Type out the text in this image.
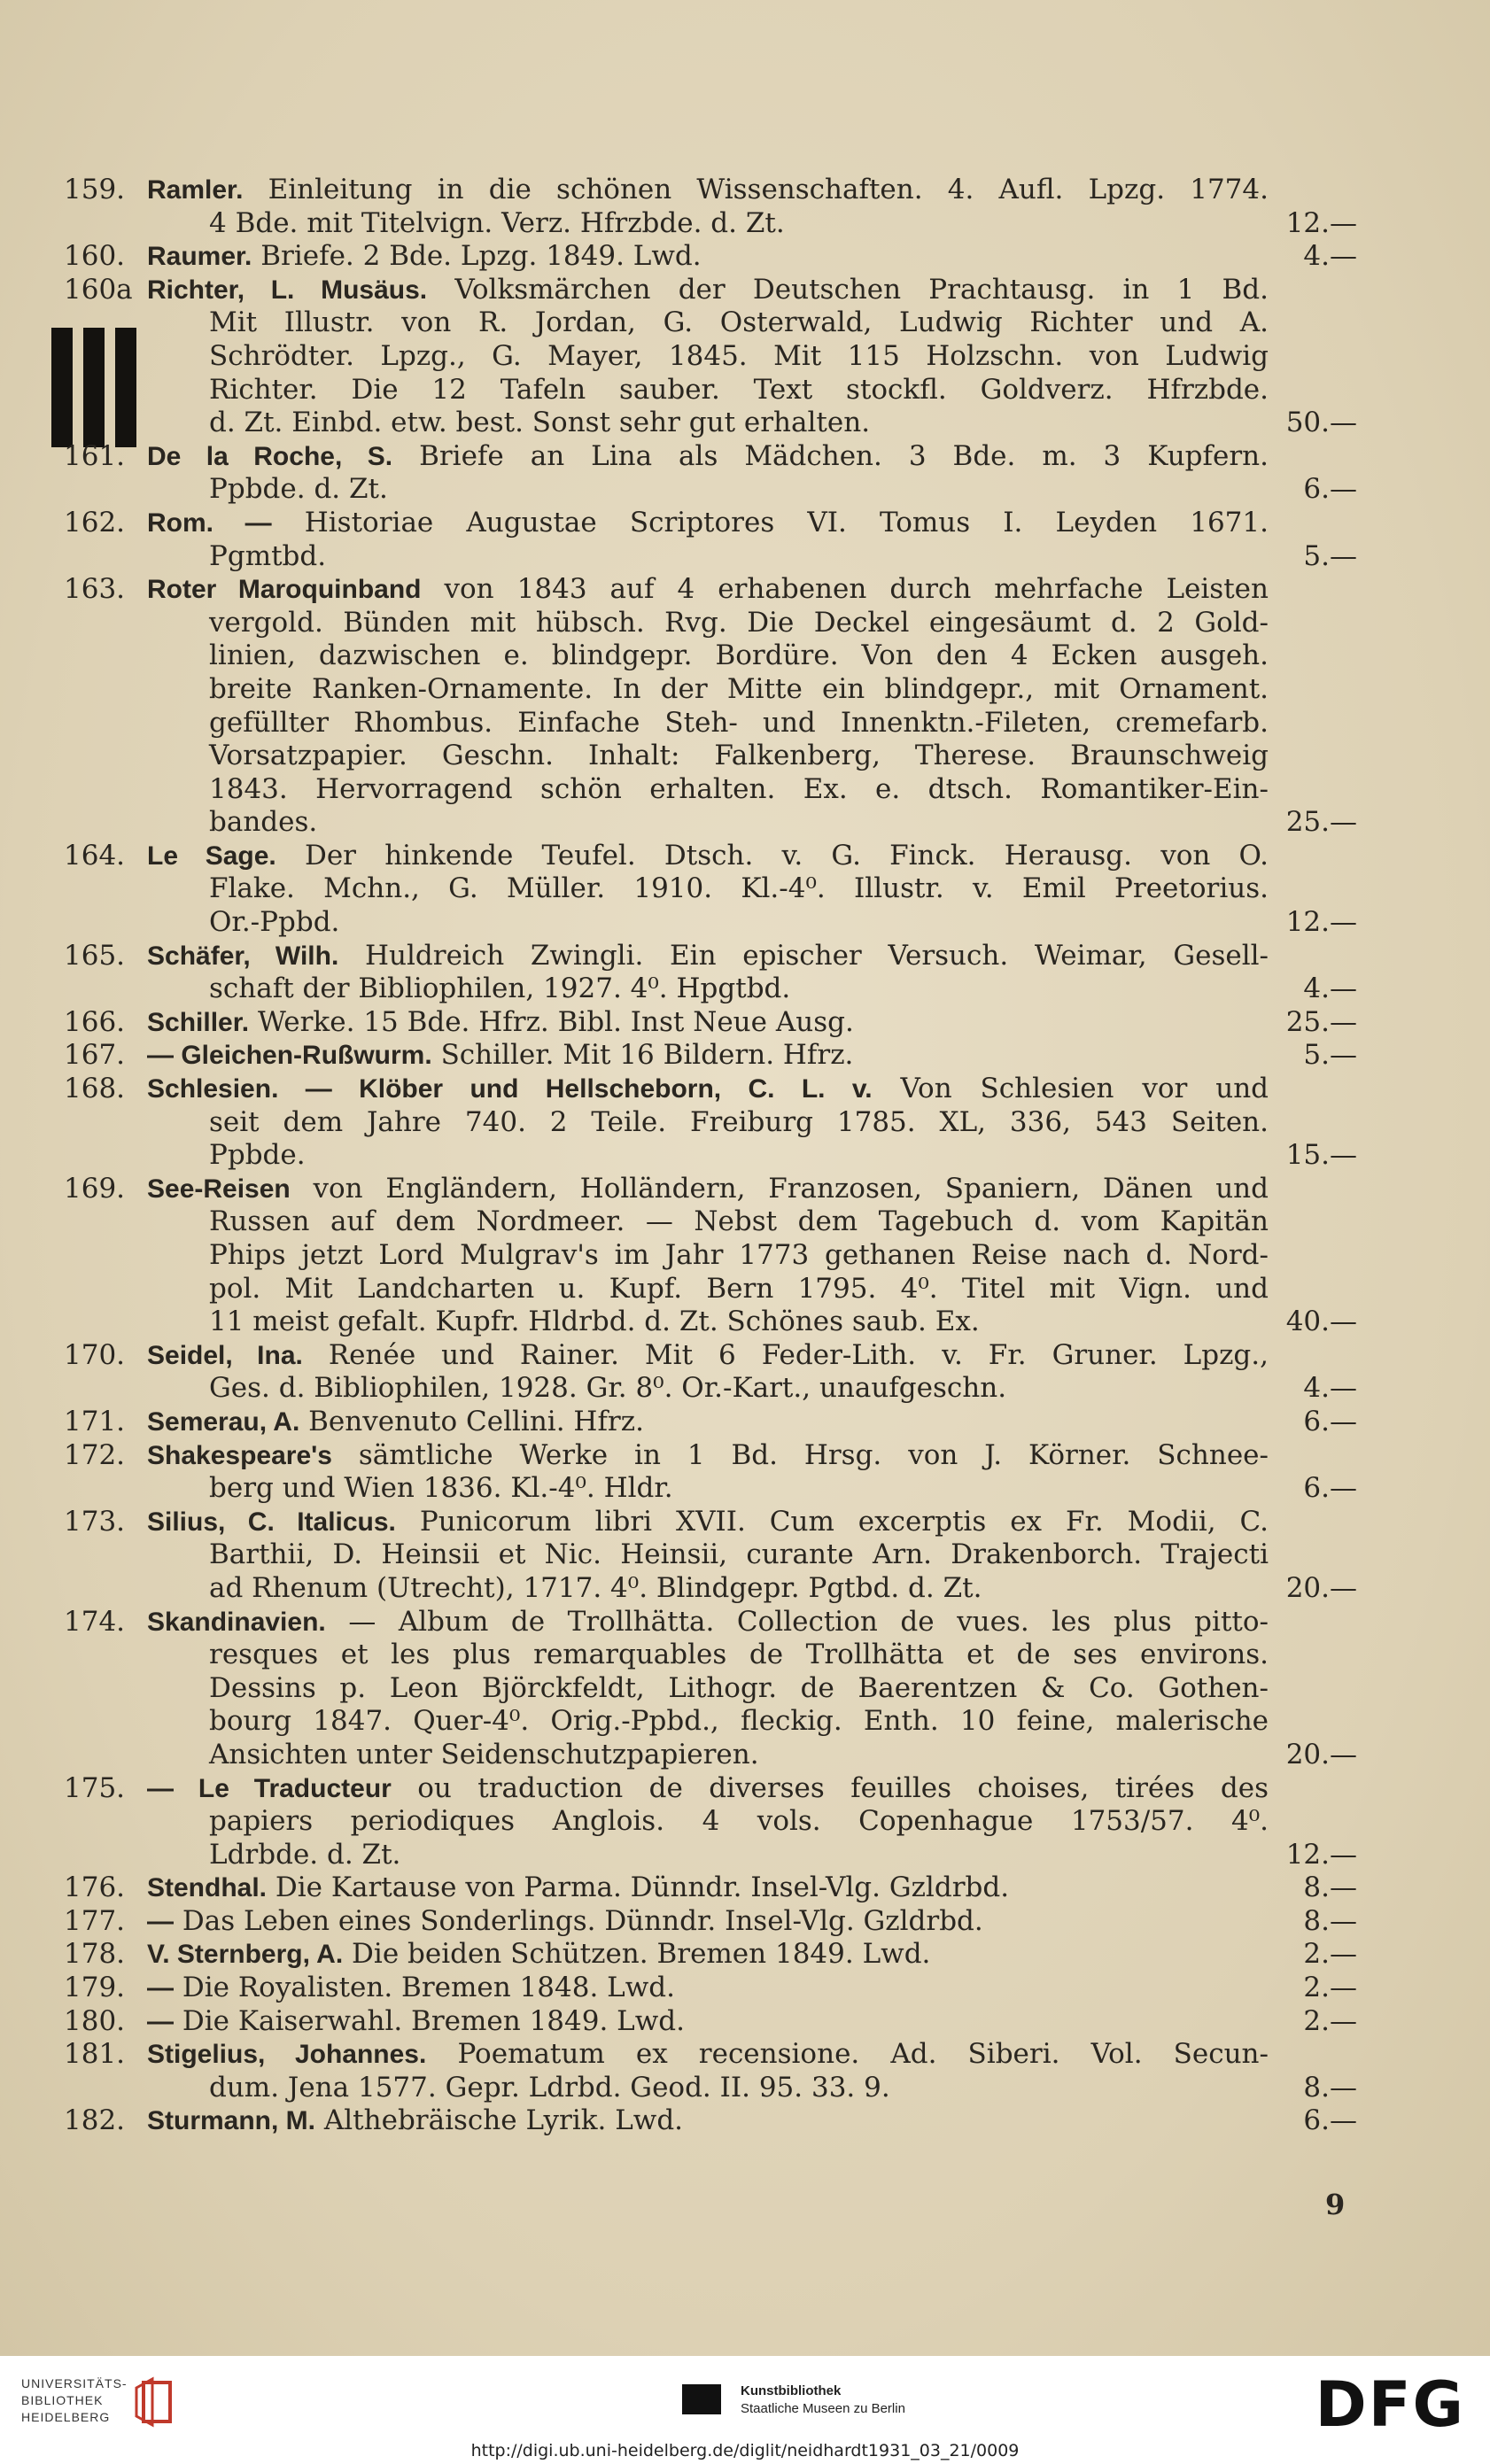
159. Ramler. Einleitung in die schönen Wissenschaften. 4. Aufl. Lpzg. 1774.
4 Bde. mit Titelvign. Verz. Hfrzbde. d. Zt.	12.—
160. Raumer. Briefe. 2 Bde. Lpzg. 1849. Lwd.	4.—
160a Richter, L. Musäus. Volksmärchen der Deutschen Prachtausg. in 1 Bd.
Mit Illustr. von R. Jordan, G. Osterwald, Ludwig Richter und A.
Schrödter. Lpzg., G. Mayer, 1845. Mit 115 Holzschn. von Ludwig
Richter. Die 12 Tafeln sauber. Text stockfl. Goldverz. Hfrzbde.
d. Zt. Einbd. etw. best. Sonst sehr gut erhalten.	50.—
161. De la Roche, S. Briefe an Lina als Mädchen. 3 Bde. m. 3 Kupfern.
Ppbde. d. Zt.	6.—
162. Rom. — Historiae Augustae Scriptores VI. Tomus I. Leyden 1671.
Pgmtbd.	5.—
163. Roter Maroquinband von 1843 auf 4 erhabenen durch mehrfache Leisten
vergold. Bünden mit hübsch. Rvg. Die Deckel eingesäumt d. 2 Gold-
linien, dazwischen e. blindgepr. Bordüre. Von den 4 Ecken ausgeh.
breite Ranken-Ornamente. In der Mitte ein blindgepr., mit Ornament.
gefüllter Rhombus. Einfache Steh- und Innenktn.-Fileten, cremefarb.
Vorsatzpapier. Geschn. Inhalt: Falkenberg, Therese. Braunschweig
1843. Hervorragend schön erhalten. Ex. e. dtsch. Romantiker-Ein-
bandes.	25.—
164. Le Sage. Der hinkende Teufel. Dtsch. v. G. Finck. Herausg. von O.
Flake. Mchn., G. Müller. 1910. Kl.-4⁰. Illustr. v. Emil Preetorius.
Or.-Ppbd.	12.—
165. Schäfer, Wilh. Huldreich Zwingli. Ein epischer Versuch. Weimar, Gesell-
schaft der Bibliophilen, 1927. 4⁰. Hpgtbd.	4.—
166. Schiller. Werke. 15 Bde. Hfrz. Bibl. Inst Neue Ausg.	25.—
167. — Gleichen-Rußwurm. Schiller. Mit 16 Bildern. Hfrz.	5.—
168. Schlesien. — Klöber und Hellscheborn, C. L. v. Von Schlesien vor und
seit dem Jahre 740. 2 Teile. Freiburg 1785. XL, 336, 543 Seiten.
Ppbde.	15.—
169. See-Reisen von Engländern, Holländern, Franzosen, Spaniern, Dänen und
Russen auf dem Nordmeer. — Nebst dem Tagebuch d. vom Kapitän
Phips jetzt Lord Mulgrav's im Jahr 1773 gethanen Reise nach d. Nord-
pol. Mit Landcharten u. Kupf. Bern 1795. 4⁰. Titel mit Vign. und
11 meist gefalt. Kupfr. Hldrbd. d. Zt. Schönes saub. Ex.	40.—
170. Seidel, Ina. Renée und Rainer. Mit 6 Feder-Lith. v. Fr. Gruner. Lpzg.,
Ges. d. Bibliophilen, 1928. Gr. 8⁰. Or.-Kart., unaufgeschn.	4.—
171. Semerau, A. Benvenuto Cellini. Hfrz.	6.—
172. Shakespeare's sämtliche Werke in 1 Bd. Hrsg. von J. Körner. Schnee-
berg und Wien 1836. Kl.-4⁰. Hldr.	6.—
173. Silius, C. Italicus. Punicorum libri XVII. Cum excerptis ex Fr. Modii, C.
Barthii, D. Heinsii et Nic. Heinsii, curante Arn. Drakenborch. Trajecti
ad Rhenum (Utrecht), 1717. 4⁰. Blindgepr. Pgtbd. d. Zt.	20.—
174. Skandinavien. — Album de Trollhätta. Collection de vues. les plus pitto-
resques et les plus remarquables de Trollhätta et de ses environs.
Dessins p. Leon Björckfeldt, Lithogr. de Baerentzen & Co. Gothen-
bourg 1847. Quer-4⁰. Orig.-Ppbd., fleckig. Enth. 10 feine, malerische
Ansichten unter Seidenschutzpapieren.	20.—
175. — Le Traducteur ou traduction de diverses feuilles choises, tirées des
papiers periodiques Anglois. 4 vols. Copenhague 1753/57. 4⁰.
Ldrbde. d. Zt.	12.—
176. Stendhal. Die Kartause von Parma. Dünndr. Insel-Vlg. Gzldrbd.	8.—
177. — Das Leben eines Sonderlings. Dünndr. Insel-Vlg. Gzldrbd.	8.—
178. V. Sternberg, A. Die beiden Schützen. Bremen 1849. Lwd.	2.—
179. — Die Royalisten. Bremen 1848. Lwd.	2.—
180. — Die Kaiserwahl. Bremen 1849. Lwd.	2.—
181. Stigelius, Johannes. Poematum ex recensione. Ad. Siberi. Vol. Secun-
dum. Jena 1577. Gepr. Ldrbd. Geod. II. 95. 33. 9.	8.—
182. Sturmann, M. Althebräische Lyrik. Lwd.	6.—
9
UNIVERSITÄTS-
BIBLIOTHEK
HEIDELBERG
Kunstbibliothek
Staatliche Museen zu Berlin	DFG
http://digi.ub.uni-heidelberg.de/diglit/neidhardt1931_03_21/0009
